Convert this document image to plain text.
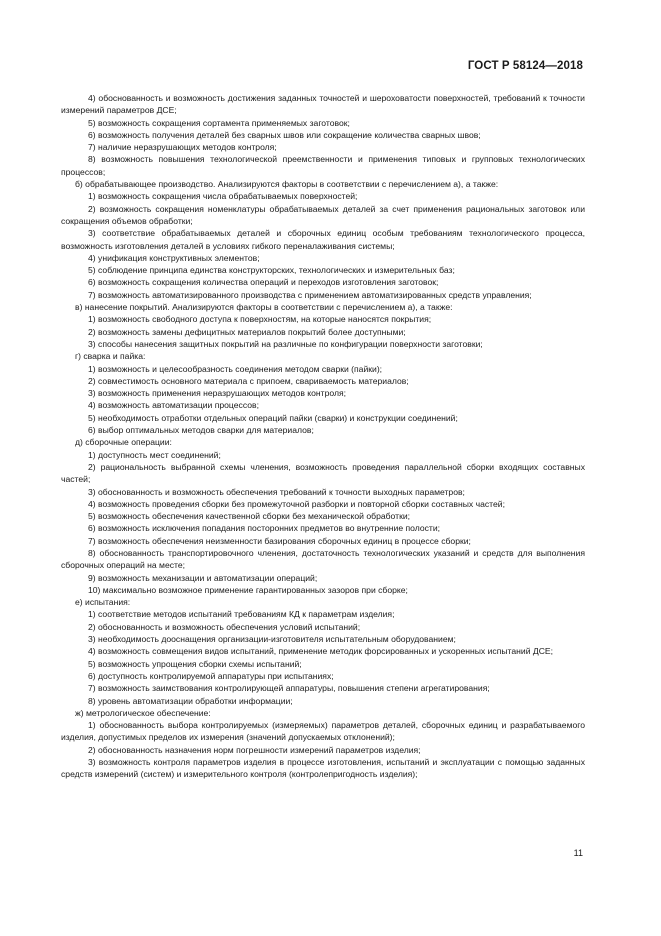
ГОСТ Р 58124—2018

4) обоснованность и возможность достижения заданных точностей и шероховатости поверхностей, требований к точности измерений параметров ДСЕ;

5) возможность сокращения сортамента применяемых заготовок;

6) возможность получения деталей без сварных швов или сокращение количества сварных швов;

7) наличие неразрушающих методов контроля;

8) возможность повышения технологической преемственности и применения типовых и групповых технологических процессов;

б) обрабатывающее производство. Анализируются факторы в соответствии с перечислением а), а также:

1) возможность сокращения числа обрабатываемых поверхностей;

2) возможность сокращения номенклатуры обрабатываемых деталей за счет применения рациональных заготовок или сокращения объемов обработки;

3) соответствие обрабатываемых деталей и сборочных единиц особым требованиям технологического процесса, возможность изготовления деталей в условиях гибкого переналаживания системы;

4) унификация конструктивных элементов;

5) соблюдение принципа единства конструкторских, технологических и измерительных баз;

6) возможность сокращения количества операций и переходов изготовления заготовок;

7) возможность автоматизированного производства с применением автоматизированных средств управления;

в) нанесение покрытий. Анализируются факторы в соответствии с перечислением а), а также:

1) возможность свободного доступа к поверхностям, на которые наносятся покрытия;

2) возможность замены дефицитных материалов покрытий более доступными;

3) способы нанесения защитных покрытий на различные по конфигурации поверхности заготовки;

г) сварка и пайка:

1) возможность и целесообразность соединения методом сварки (пайки);

2) совместимость основного материала с припоем, свариваемость материалов;

3) возможность применения неразрушающих методов контроля;

4) возможность автоматизации процессов;

5) необходимость отработки отдельных операций пайки (сварки) и конструкции соединений;

6) выбор оптимальных методов сварки для материалов;

д) сборочные операции:

1) доступность мест соединений;

2) рациональность выбранной схемы членения, возможность проведения параллельной сборки входящих составных частей;

3) обоснованность и возможность обеспечения требований к точности выходных параметров;

4) возможность проведения сборки без промежуточной разборки и повторной сборки составных частей;

5) возможность обеспечения качественной сборки без механической обработки;

6) возможность исключения попадания посторонних предметов во внутренние полости;

7) возможность обеспечения неизменности базирования сборочных единиц в процессе сборки;

8) обоснованность транспортировочного членения, достаточность технологических указаний и средств для выполнения сборочных операций на месте;

9) возможность механизации и автоматизации операций;

10) максимально возможное применение гарантированных зазоров при сборке;

е) испытания:

1) соответствие методов испытаний требованиям КД к параметрам изделия;

2) обоснованность и возможность обеспечения условий испытаний;

3) необходимость дооснащения организации-изготовителя испытательным оборудованием;

4) возможность совмещения видов испытаний, применение методик форсированных и ускоренных испытаний ДСЕ;

5) возможность упрощения сборки схемы испытаний;

6) доступность контролируемой аппаратуры при испытаниях;

7) возможность заимствования контролирующей аппаратуры, повышения степени агрегатирования;

8) уровень автоматизации обработки информации;

ж) метрологическое обеспечение:

1) обоснованность выбора контролируемых (измеряемых) параметров деталей, сборочных единиц и разрабатываемого изделия, допустимых пределов их измерения (значений допускаемых отклонений);

2) обоснованность назначения норм погрешности измерений параметров изделия;

3) возможность контроля параметров изделия в процессе изготовления, испытаний и эксплуатации с помощью заданных средств измерений (систем) и измерительного контроля (контролепригодность изделия);

11
